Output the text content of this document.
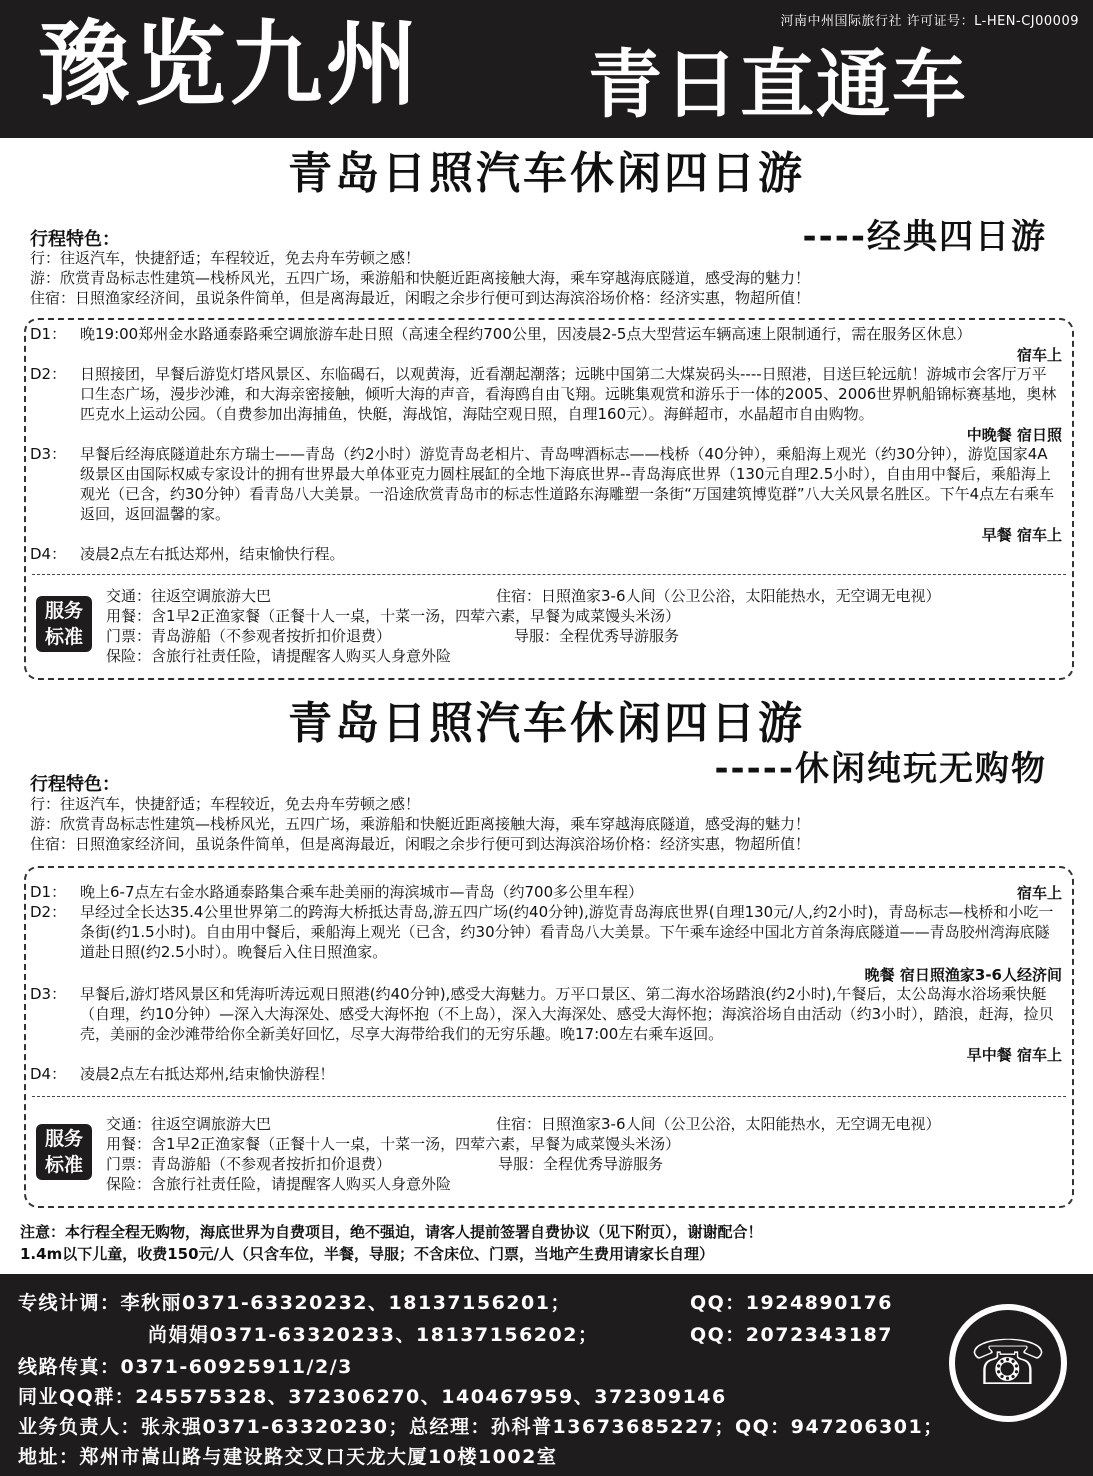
河南中州国际旅行社 许可证号：L-HEN-CJ00009
豫览九州 青日直通车
青岛日照汽车休闲四日游
----经典四日游
行程特色：
行：往返汽车，快捷舒适；车程较近，免去舟车劳顿之感！
游：欣赏青岛标志性建筑—栈桥风光，五四广场，乘游船和快艇近距离接触大海，乘车穿越海底隧道，感受海的魅力！
住宿：日照渔家经济间，虽说条件简单，但是离海最近，闲暇之余步行便可到达海滨浴场价格：经济实惠，物超所值！
D1： 晚19:00郑州金水路通泰路乘空调旅游车赴日照（高速全程约700公里，因凌晨2-5点大型营运车辆高速上限制通行，需在服务区休息）
宿车上
D2： 日照接团，早餐后游览灯塔风景区、东临碣石，以观黄海，近看潮起潮落；远眺中国第二大煤炭码头----日照港，目送巨轮远航！游城市会客厅万平口生态广场，漫步沙滩，和大海亲密接触，倾听大海的声音，看海鸥自由飞翔。远眺集观赏和游乐于一体的2005、2006世界帆船锦标赛基地，奥林匹克水上运动公园。（自费参加出海捕鱼，快艇，海战馆，海陆空观日照，自理160元）。海鲜超市，水晶超市自由购物。
中晚餐 宿日照
D3： 早餐后经海底隧道赴东方瑞士——青岛（约2小时）游览青岛老相片、青岛啤酒标志——栈桥（40分钟），乘船海上观光（约30分钟），游览国家4A级景区由国际权威专家设计的拥有世界最大单体亚克力圆柱展缸的全地下海底世界--青岛海底世界（130元自理2.5小时），自由用中餐后，乘船海上观光（已含，约30分钟）看青岛八大美景。一沿途欣赏青岛市的标志性道路东海雕塑一条街“万国建筑博览群”八大关风景名胜区。下午4点左右乘车返回，返回温馨的家。
早餐 宿车上
D4： 凌晨2点左右抵达郑州，结束愉快行程。
服务
标准
交通：往返空调旅游大巴	住宿：日照渔家3-6人间（公卫公浴，太阳能热水，无空调无电视）
用餐：含1早2正渔家餐（正餐十人一桌，十菜一汤，四荤六素，早餐为咸菜馒头米汤）
门票：青岛游船（不参观者按折扣价退费）	导服：全程优秀导游服务
保险：含旅行社责任险，请提醒客人购买人身意外险
青岛日照汽车休闲四日游
-----休闲纯玩无购物
行程特色：
行：往返汽车，快捷舒适；车程较近，免去舟车劳顿之感！
游：欣赏青岛标志性建筑—栈桥风光，五四广场，乘游船和快艇近距离接触大海，乘车穿越海底隧道，感受海的魅力！
住宿：日照渔家经济间，虽说条件简单，但是离海最近，闲暇之余步行便可到达海滨浴场价格：经济实惠，物超所值！
D1： 晚上6-7点左右金水路通泰路集合乘车赴美丽的海滨城市—青岛（约700多公里车程）	宿车上
D2： 早经过全长达35.4公里世界第二的跨海大桥抵达青岛,游五四广场(约40分钟),游览青岛海底世界(自理130元/人,约2小时)，青岛标志—栈桥和小吃一条街(约1.5小时)。自由用中餐后，乘船海上观光（已含，约30分钟）看青岛八大美景。下午乘车途经中国北方首条海底隧道——青岛胶州湾海底隧道赴日照(约2.5小时）。晚餐后入住日照渔家。
晚餐 宿日照渔家3-6人经济间
D3： 早餐后,游灯塔风景区和凭海听涛远观日照港(约40分钟),感受大海魅力。万平口景区、第二海水浴场踏浪(约2小时),午餐后，太公岛海水浴场乘快艇（自理，约10分钟）—深入大海深处、感受大海怀抱（不上岛），深入大海深处、感受大海怀抱；海滨浴场自由活动（约3小时），踏浪，赶海，捡贝壳，美丽的金沙滩带给你全新美好回忆，尽享大海带给我们的无穷乐趣。晚17:00左右乘车返回。
早中餐 宿车上
D4： 凌晨2点左右抵达郑州,结束愉快游程！
服务
标准
交通：往返空调旅游大巴	住宿：日照渔家3-6人间（公卫公浴，太阳能热水，无空调无电视）
用餐：含1早2正渔家餐（正餐十人一桌，十菜一汤，四荤六素，早餐为咸菜馒头米汤）
门票：青岛游船（不参观者按折扣价退费）	导服：全程优秀导游服务
保险：含旅行社责任险，请提醒客人购买人身意外险
注意：本行程全程无购物，海底世界为自费项目，绝不强迫，请客人提前签署自费协议（见下附页），谢谢配合！
1.4m以下儿童，收费150元/人（只含车位，半餐，导服；不含床位、门票，当地产生费用请家长自理）
专线计调：李秋丽0371-63320232、18137156201；	QQ：1924890176
尚娟娟0371-63320233、18137156202；	QQ：2072343187
线路传真：0371-60925911/2/3
同业QQ群：245575328、372306270、140467959、372309146
业务负责人：张永强0371-63320230；总经理：孙科普13673685227；QQ：947206301；
地址：郑州市嵩山路与建设路交叉口天龙大厦10楼1002室
☏
